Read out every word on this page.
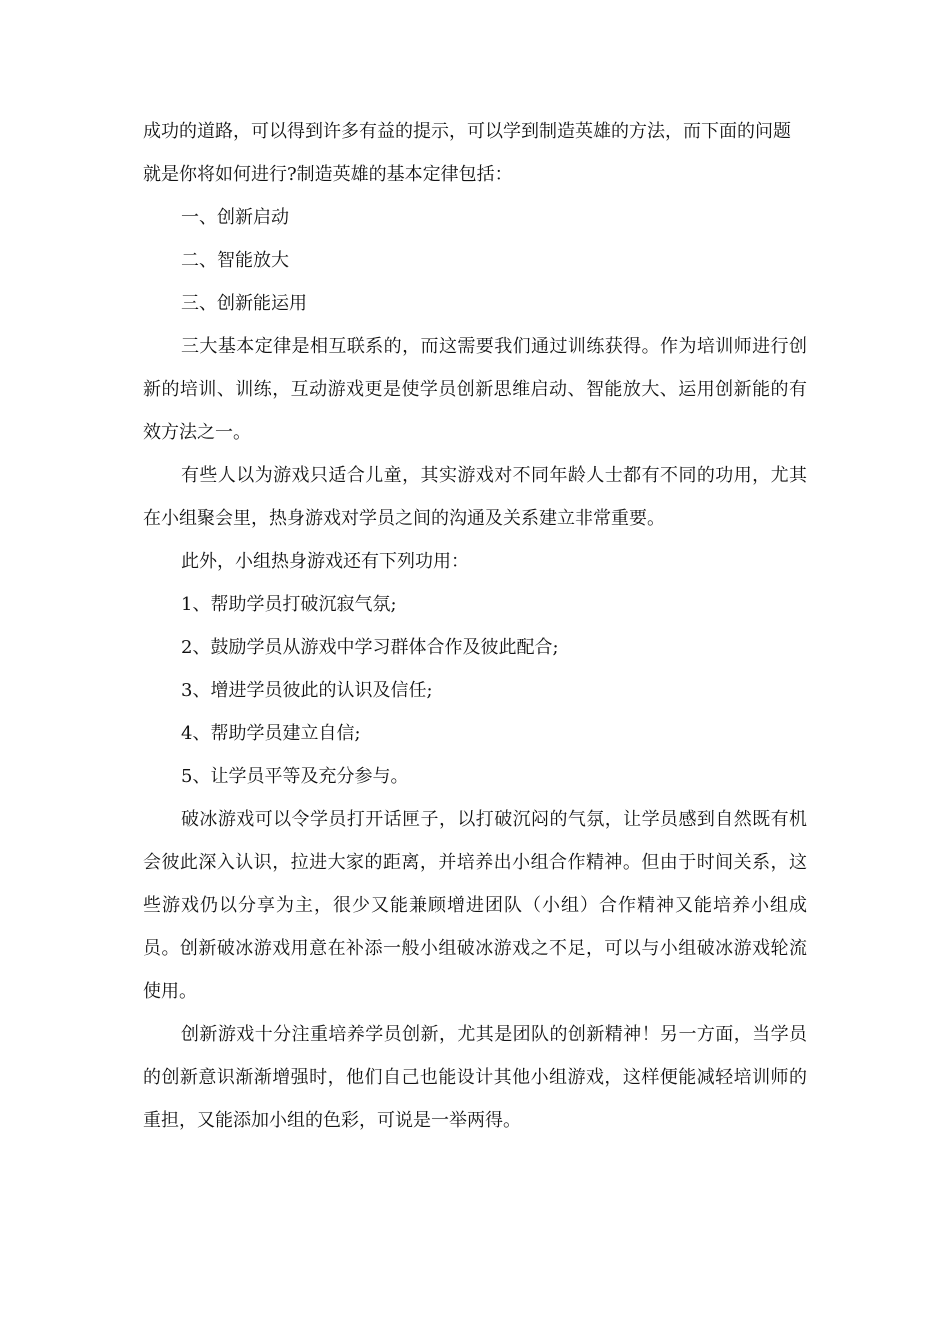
成功的道路，可以得到许多有益的提示，可以学到制造英雄的方法，而下面的问题

就是你将如何进行?制造英雄的基本定律包括：

一、创新启动

二、智能放大

三、创新能运用

三大基本定律是相互联系的，而这需要我们通过训练获得。作为培训师进行创新的培训、训练，互动游戏更是使学员创新思维启动、智能放大、运用创新能的有效方法之一。

有些人以为游戏只适合儿童，其实游戏对不同年龄人士都有不同的功用，尤其在小组聚会里，热身游戏对学员之间的沟通及关系建立非常重要。

此外，小组热身游戏还有下列功用：

1、帮助学员打破沉寂气氛;

2、鼓励学员从游戏中学习群体合作及彼此配合;

3、增进学员彼此的认识及信任;

4、帮助学员建立自信;

5、让学员平等及充分参与。

破冰游戏可以令学员打开话匣子，以打破沉闷的气氛，让学员感到自然既有机会彼此深入认识，拉进大家的距离，并培养出小组合作精神。但由于时间关系，这些游戏仍以分享为主，很少又能兼顾增进团队（小组）合作精神又能培养小组成员。创新破冰游戏用意在补添一般小组破冰游戏之不足，可以与小组破冰游戏轮流使用。

创新游戏十分注重培养学员创新，尤其是团队的创新精神！另一方面，当学员的创新意识渐渐增强时，他们自己也能设计其他小组游戏，这样便能减轻培训师的重担，又能添加小组的色彩，可说是一举两得。
